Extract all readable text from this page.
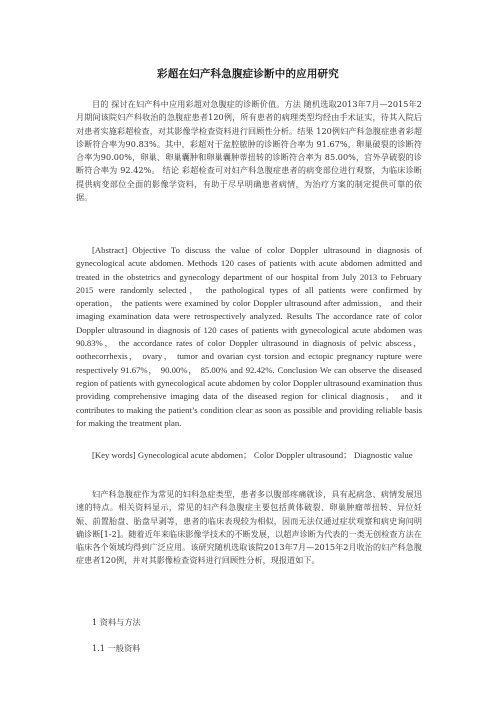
彩超在妇产科急腹症诊断中的应用研究
目的 探讨在妇产科中应用彩超对急腹症的诊断价值。方法 随机选取2013年7月—2015年2月期间该院妇产科收治的急腹症患者120例，所有患者的病理类型均经由手术证实，待其入院后对患者实施彩超检查，对其影像学检查资料进行回顾性分析。结果 120例妇产科急腹症患者彩超诊断符合率为90.83%。其中，彩超对于盆腔脓肿的诊断符合率为 91.67%，卵巢破裂的诊断符合率为90.00%，卵巢、卵巢囊肿和卵巢囊肿蒂扭转的诊断符合率为 85.00%，宫外孕破裂的诊断符合率为 92.42%。 结论 彩超检查可对妇产科急腹症患者的病变部位进行观察，为临床诊断提供病变部位全面的影像学资料，有助于尽早明确患者病情，为治疗方案的制定提供可靠的依据。
[Abstract] Objective To discuss the value of color Doppler ultrasound in diagnosis of gynecological acute abdomen. Methods 120 cases of patients with acute abdomen admitted and treated in the obstetrics and gynecology department of our hospital from July 2013 to February 2015 were randomly selected， the pathological types of all patients were confirmed by operation， the patients were examined by color Doppler ultrasound after admission， and their imaging examination data were retrospectively analyzed. Results The accordance rate of color Doppler ultrasound in diagnosis of 120 cases of patients with gynecological acute abdomen was 90.83%， the accordance rates of color Doppler ultrasound in diagnosis of pelvic abscess， oothecorrhexis， ovary， tumor and ovarian cyst torsion and ectopic pregnancy rupture were respectively 91.67%， 90.00%， 85.00% and 92.42%. Conclusion We can observe the diseased region of patients with gynecological acute abdomen by color Doppler ultrasound examination thus providing comprehensive imaging data of the diseased region for clinical diagnosis， and it contributes to making the patient’s condition clear as soon as possible and providing reliable basis for making the treatment plan.
[Key words] Gynecological acute abdomen； Color Doppler ultrasound； Diagnostic value
妇产科急腹症作为常见的妇科急症类型，患者多以腹部疼痛就诊，具有起病急、病情发展迅速的特点。相关资料显示，常见的妇产科急腹症主要包括黄体破裂、卵巢肿瘤蒂扭转、异位妊娠、前置胎盘、胎盘早剥等，患者的临床表现较为相似，因而无法仅通过症状观察和病史询问明确诊断[1-2]。随着近年来临床影像学技术的不断发展，以超声诊断为代表的一类无创检查方法在临床各个领域均得到广泛应用。该研究随机选取该院2013年7月—2015年2月收治的妇产科急腹症患者120例，并对其影像检查资料进行回顾性分析，现报道如下。
1 资料与方法
1.1 一般资料
